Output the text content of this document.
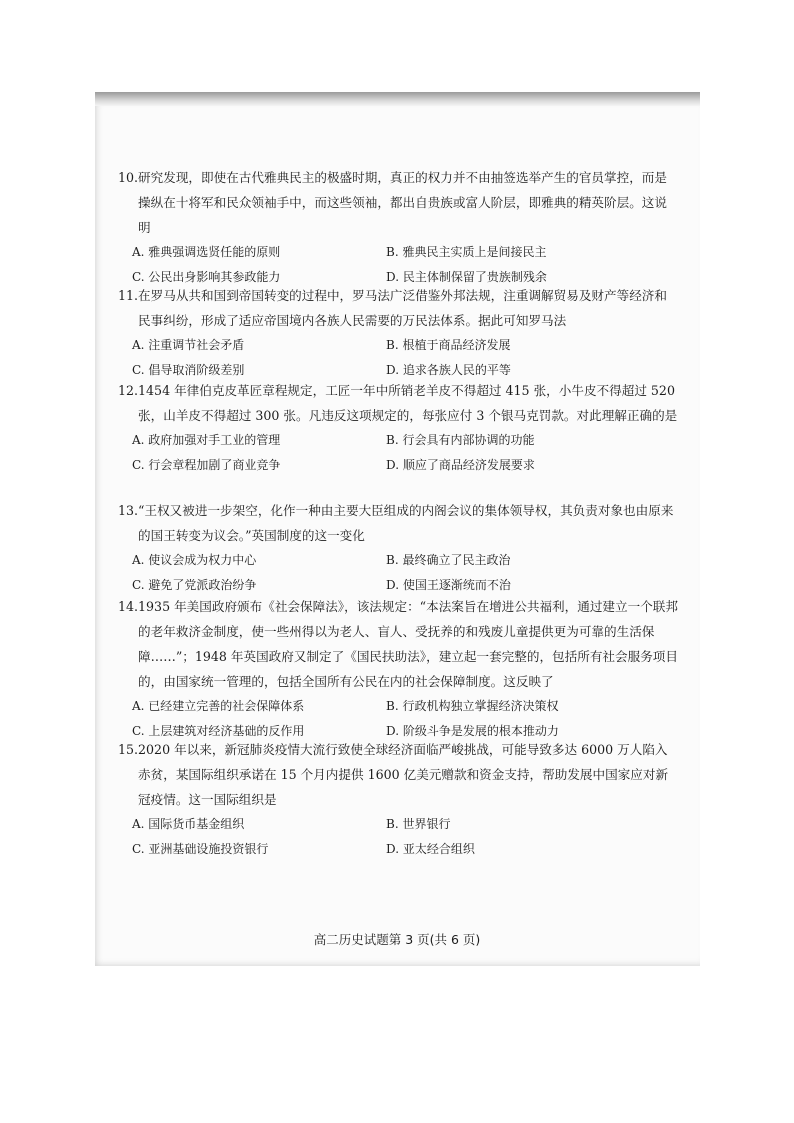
10. 研究发现，即使在古代雅典民主的极盛时期，真正的权力并不由抽签选举产生的官员掌控，而是操纵在十将军和民众领袖手中，而这些领袖，都出自贵族或富人阶层，即雅典的精英阶层。这说明

A. 雅典强调选贤任能的原则	B. 雅典民主实质上是间接民主
C. 公民出身影响其参政能力	D. 民主体制保留了贵族制残余

11. 在罗马从共和国到帝国转变的过程中，罗马法广泛借鉴外邦法规，注重调解贸易及财产等经济和民事纠纷，形成了适应帝国境内各族人民需要的万民法体系。据此可知罗马法

A. 注重调节社会矛盾	B. 根植于商品经济发展
C. 倡导取消阶级差别	D. 追求各族人民的平等

12. 1454 年律伯克皮革匠章程规定，工匠一年中所销老羊皮不得超过 415 张，小牛皮不得超过 520 张，山羊皮不得超过 300 张。凡违反这项规定的，每张应付 3 个银马克罚款。对此理解正确的是

A. 政府加强对手工业的管理	B. 行会具有内部协调的功能
C. 行会章程加剧了商业竞争	D. 顺应了商品经济发展要求

13. “王权又被进一步架空，化作一种由主要大臣组成的内阁会议的集体领导权，其负责对象也由原来的国王转变为议会。”英国制度的这一变化

A. 使议会成为权力中心	B. 最终确立了民主政治
C. 避免了党派政治纷争	D. 使国王逐渐统而不治

14. 1935 年美国政府颁布《社会保障法》，该法规定：“本法案旨在增进公共福利，通过建立一个联邦的老年救济金制度，使一些州得以为老人、盲人、受抚养的和残废儿童提供更为可靠的生活保障……”；1948 年英国政府又制定了《国民扶助法》，建立起一套完整的，包括所有社会服务项目的，由国家统一管理的，包括全国所有公民在内的社会保障制度。这反映了

A. 已经建立完善的社会保障体系	B. 行政机构独立掌握经济决策权
C. 上层建筑对经济基础的反作用	D. 阶级斗争是发展的根本推动力

15. 2020 年以来，新冠肺炎疫情大流行致使全球经济面临严峻挑战，可能导致多达 6000 万人陷入赤贫，某国际组织承诺在 15 个月内提供 1600 亿美元赠款和资金支持，帮助发展中国家应对新冠疫情。这一国际组织是

A. 国际货币基金组织	B. 世界银行
C. 亚洲基础设施投资银行	D. 亚太经合组织
高二历史试题第 3 页(共 6 页)
